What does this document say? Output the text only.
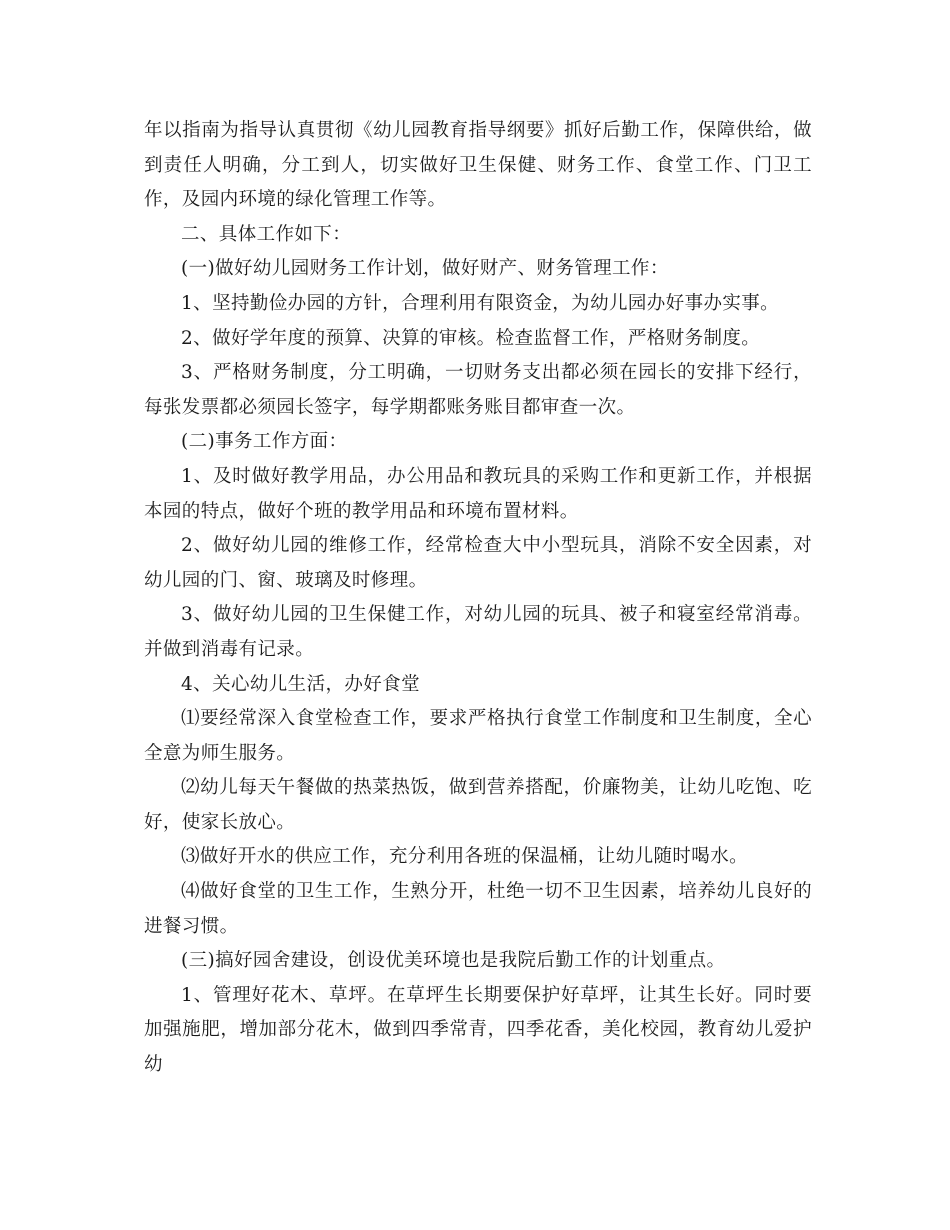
年以指南为指导认真贯彻《幼儿园教育指导纲要》抓好后勤工作，保障供给，做到责任人明确，分工到人，切实做好卫生保健、财务工作、食堂工作、门卫工作，及园内环境的绿化管理工作等。

二、具体工作如下：

(一)做好幼儿园财务工作计划，做好财产、财务管理工作：

1、坚持勤俭办园的方针，合理利用有限资金，为幼儿园办好事办实事。

2、做好学年度的预算、决算的审核。检查监督工作，严格财务制度。

3、严格财务制度，分工明确，一切财务支出都必须在园长的安排下经行，每张发票都必须园长签字，每学期都账务账目都审查一次。

(二)事务工作方面：

1、及时做好教学用品，办公用品和教玩具的采购工作和更新工作，并根据本园的特点，做好个班的教学用品和环境布置材料。

2、做好幼儿园的维修工作，经常检查大中小型玩具，消除不安全因素，对幼儿园的门、窗、玻璃及时修理。

3、做好幼儿园的卫生保健工作，对幼儿园的玩具、被子和寝室经常消毒。并做到消毒有记录。

4、关心幼儿生活，办好食堂

⑴要经常深入食堂检查工作，要求严格执行食堂工作制度和卫生制度，全心全意为师生服务。

⑵幼儿每天午餐做的热菜热饭，做到营养搭配，价廉物美，让幼儿吃饱、吃好，使家长放心。

⑶做好开水的供应工作，充分利用各班的保温桶，让幼儿随时喝水。

⑷做好食堂的卫生工作，生熟分开，杜绝一切不卫生因素，培养幼儿良好的进餐习惯。

(三)搞好园舍建设，创设优美环境也是我院后勤工作的计划重点。

1、管理好花木、草坪。在草坪生长期要保护好草坪，让其生长好。同时要加强施肥，增加部分花木，做到四季常青，四季花香，美化校园，教育幼儿爱护幼
